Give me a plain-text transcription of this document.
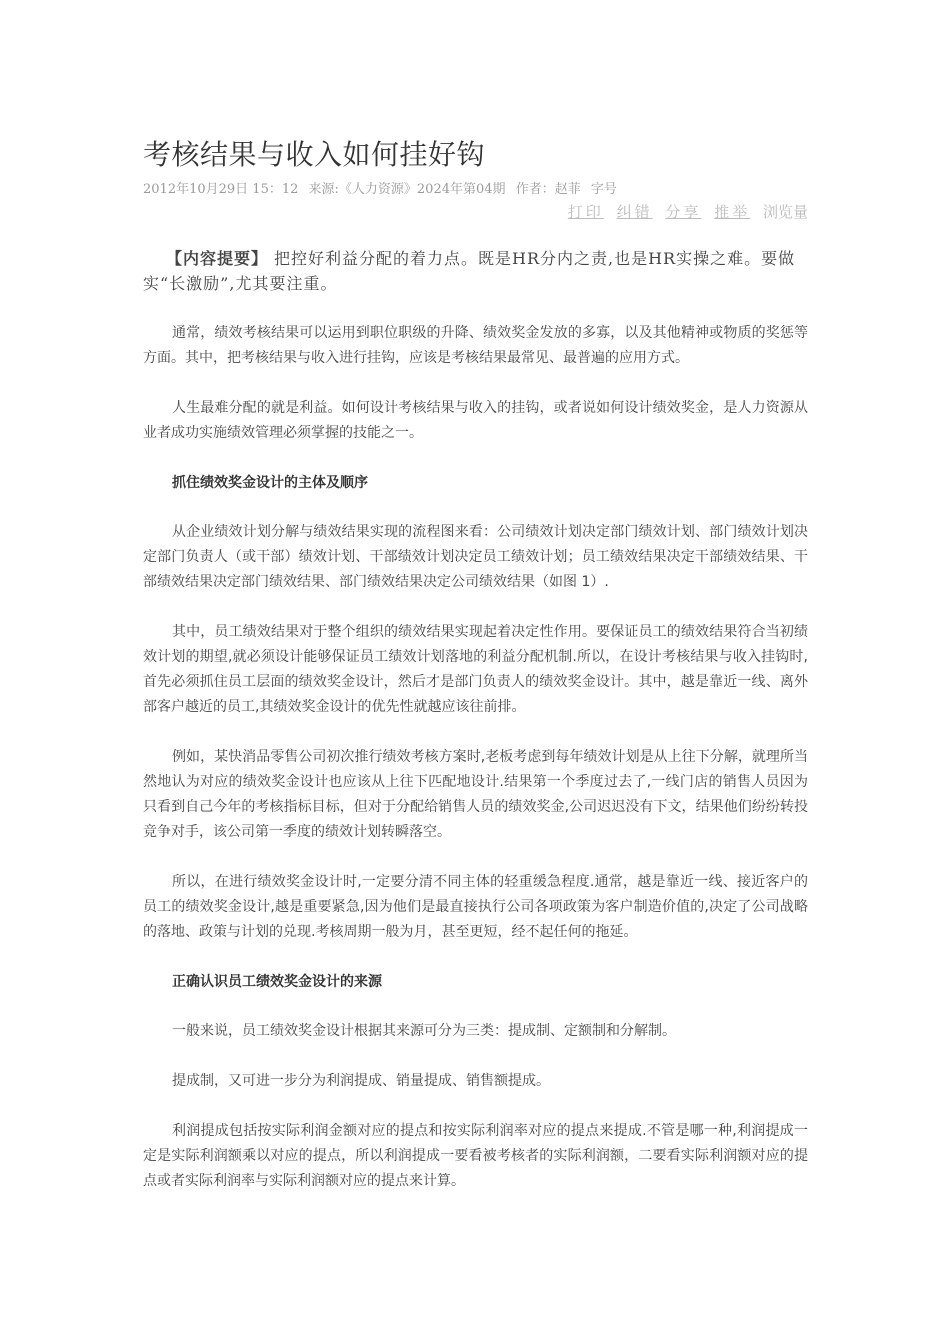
考核结果与收入如何挂好钩
2012年10月29日 15：12 来源:《人力资源》2024年第04期 作者：赵菲 字号
打印 纠错 分享 推举 浏览量
【内容提要】 把控好利益分配的着力点。既是HR分内之责,也是HR实操之难。要做实“长激励”,尤其要注重。

通常，绩效考核结果可以运用到职位职级的升降、绩效奖金发放的多寡，以及其他精神或物质的奖惩等方面。其中，把考核结果与收入进行挂钩，应该是考核结果最常见、最普遍的应用方式。

人生最难分配的就是利益。如何设计考核结果与收入的挂钩，或者说如何设计绩效奖金，是人力资源从业者成功实施绩效管理必须掌握的技能之一。

抓住绩效奖金设计的主体及顺序

从企业绩效计划分解与绩效结果实现的流程图来看：公司绩效计划决定部门绩效计划、部门绩效计划决定部门负责人（或干部）绩效计划、干部绩效计划决定员工绩效计划；员工绩效结果决定干部绩效结果、干部绩效结果决定部门绩效结果、部门绩效结果决定公司绩效结果（如图 1）.

其中，员工绩效结果对于整个组织的绩效结果实现起着决定性作用。要保证员工的绩效结果符合当初绩效计划的期望,就必须设计能够保证员工绩效计划落地的利益分配机制.所以，在设计考核结果与收入挂钩时,首先必须抓住员工层面的绩效奖金设计，然后才是部门负责人的绩效奖金设计。其中，越是靠近一线、离外部客户越近的员工,其绩效奖金设计的优先性就越应该往前排。

例如，某快消品零售公司初次推行绩效考核方案时,老板考虑到每年绩效计划是从上往下分解，就理所当然地认为对应的绩效奖金设计也应该从上往下匹配地设计.结果第一个季度过去了,一线门店的销售人员因为只看到自己今年的考核指标目标，但对于分配给销售人员的绩效奖金,公司迟迟没有下文，结果他们纷纷转投竞争对手，该公司第一季度的绩效计划转瞬落空。

所以，在进行绩效奖金设计时,一定要分清不同主体的轻重缓急程度.通常，越是靠近一线、接近客户的员工的绩效奖金设计,越是重要紧急,因为他们是最直接执行公司各项政策为客户制造价值的,决定了公司战略的落地、政策与计划的兑现.考核周期一般为月，甚至更短，经不起任何的拖延。

正确认识员工绩效奖金设计的来源

一般来说，员工绩效奖金设计根据其来源可分为三类：提成制、定额制和分解制。

提成制，又可进一步分为利润提成、销量提成、销售额提成。

利润提成包括按实际利润金额对应的提点和按实际利润率对应的提点来提成.不管是哪一种,利润提成一定是实际利润额乘以对应的提点，所以利润提成一要看被考核者的实际利润额，二要看实际利润额对应的提点或者实际利润率与实际利润额对应的提点来计算。
